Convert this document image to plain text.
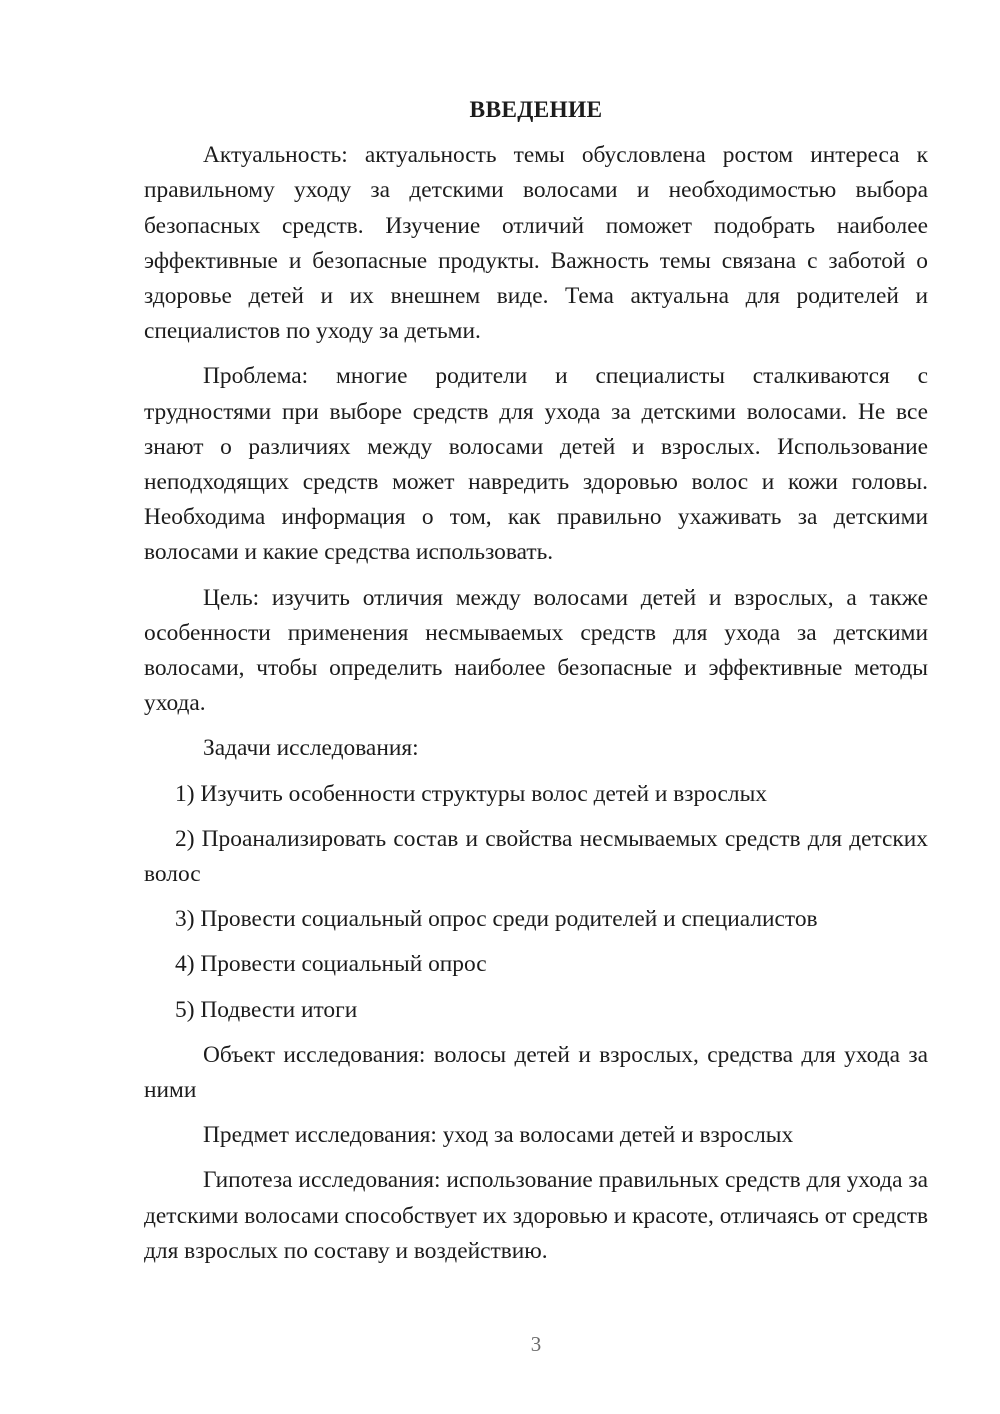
ВВЕДЕНИЕ

Актуальность: актуальность темы обусловлена ростом интереса к правильному уходу за детскими волосами и необходимостью выбора безопасных средств. Изучение отличий поможет подобрать наиболее эффективные и безопасные продукты. Важность темы связана с заботой о здоровье детей и их внешнем виде. Тема актуальна для родителей и специалистов по уходу за детьми.

Проблема: многие родители и специалисты сталкиваются с трудностями при выборе средств для ухода за детскими волосами. Не все знают о различиях между волосами детей и взрослых. Использование неподходящих средств может навредить здоровью волос и кожи головы. Необходима информация о том, как правильно ухаживать за детскими волосами и какие средства использовать.

Цель: изучить отличия между волосами детей и взрослых, а также особенности применения несмываемых средств для ухода за детскими волосами, чтобы определить наиболее безопасные и эффективные методы ухода.

Задачи исследования:

1) Изучить особенности структуры волос детей и взрослых

2) Проанализировать состав и свойства несмываемых средств для детских волос

3) Провести социальный опрос среди родителей и специалистов

4) Провести социальный опрос

5) Подвести итоги

Объект исследования: волосы детей и взрослых, средства для ухода за ними

Предмет исследования: уход за волосами детей и взрослых

Гипотеза исследования: использование правильных средств для ухода за детскими волосами способствует их здоровью и красоте, отличаясь от средств для взрослых по составу и воздействию.

3
